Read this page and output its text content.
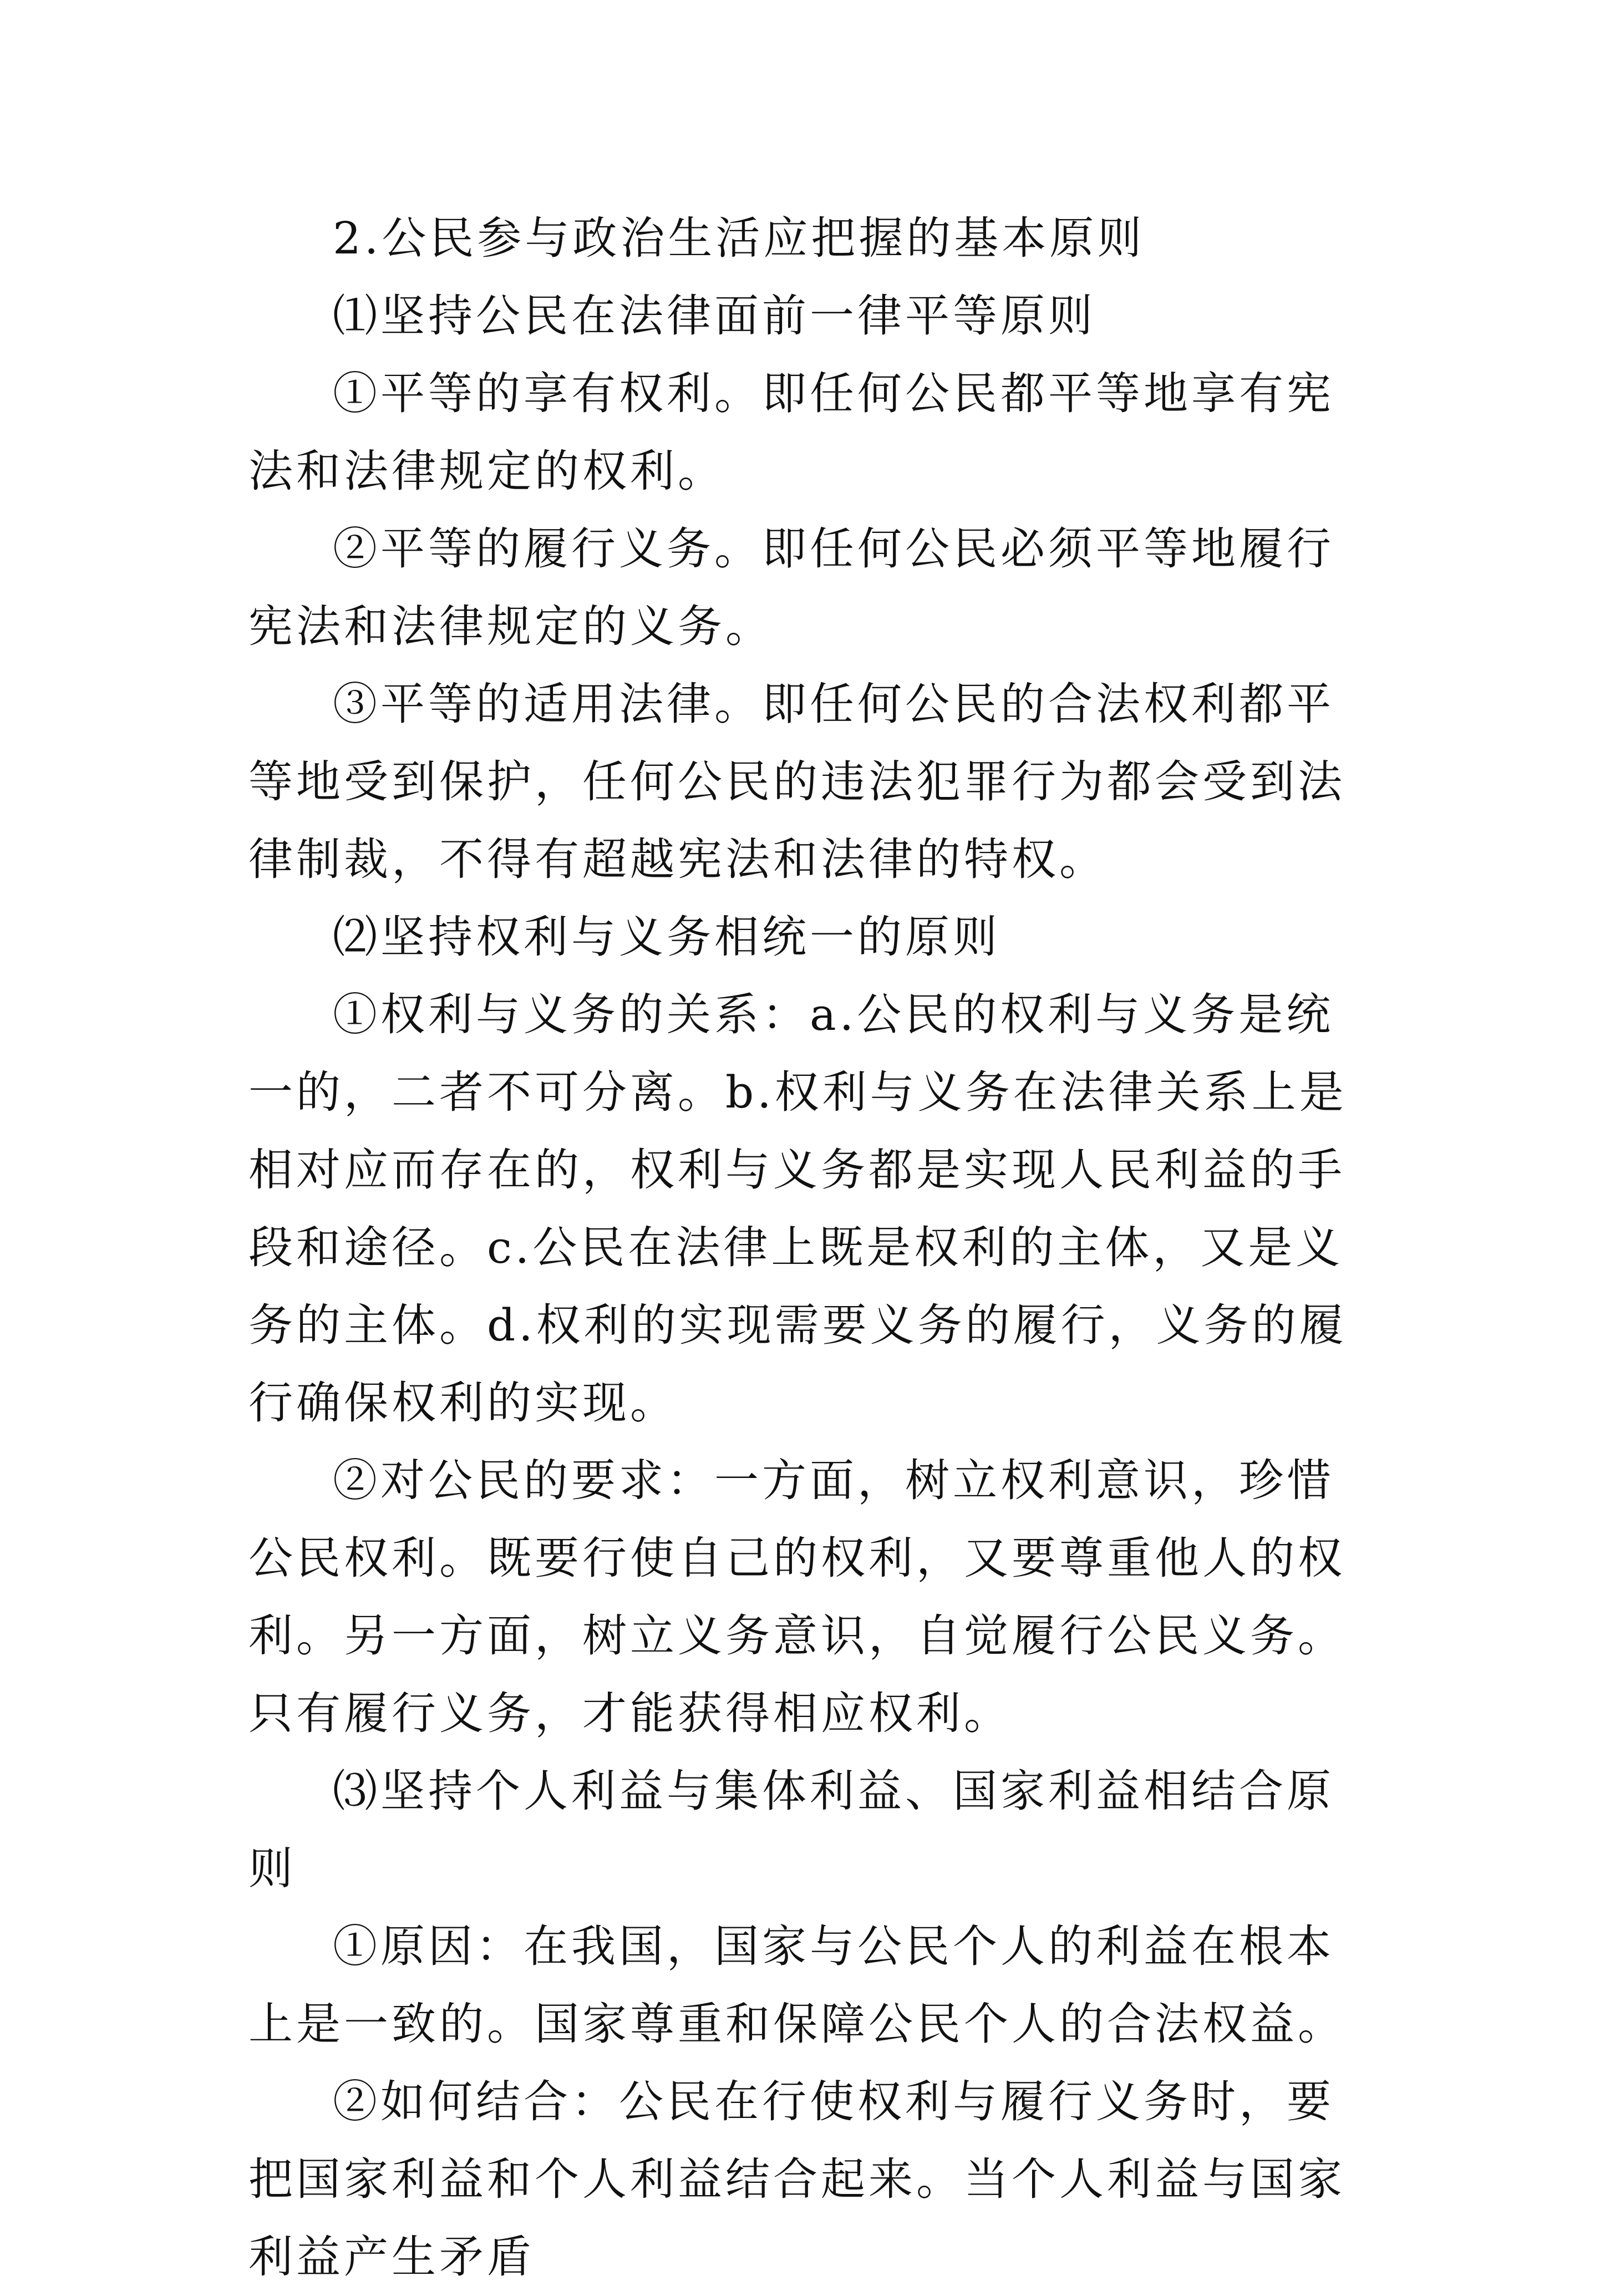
2.公民参与政治生活应把握的基本原则

⑴坚持公民在法律面前一律平等原则

①平等的享有权利。即任何公民都平等地享有宪法和法律规定的权利。

②平等的履行义务。即任何公民必须平等地履行宪法和法律规定的义务。

③平等的适用法律。即任何公民的合法权利都平等地受到保护，任何公民的违法犯罪行为都会受到法律制裁，不得有超越宪法和法律的特权。

⑵坚持权利与义务相统一的原则

①权利与义务的关系：a.公民的权利与义务是统一的，二者不可分离。b.权利与义务在法律关系上是相对应而存在的，权利与义务都是实现人民利益的手段和途径。c.公民在法律上既是权利的主体，又是义务的主体。d.权利的实现需要义务的履行，义务的履行确保权利的实现。

②对公民的要求：一方面，树立权利意识，珍惜公民权利。既要行使自己的权利，又要尊重他人的权利。另一方面，树立义务意识，自觉履行公民义务。只有履行义务，才能获得相应权利。

⑶坚持个人利益与集体利益、国家利益相结合原则

①原因：在我国，国家与公民个人的利益在根本上是一致的。国家尊重和保障公民个人的合法权益。

②如何结合：公民在行使权利与履行义务时，要把国家利益和个人利益结合起来。当个人利益与国家利益产生矛盾
